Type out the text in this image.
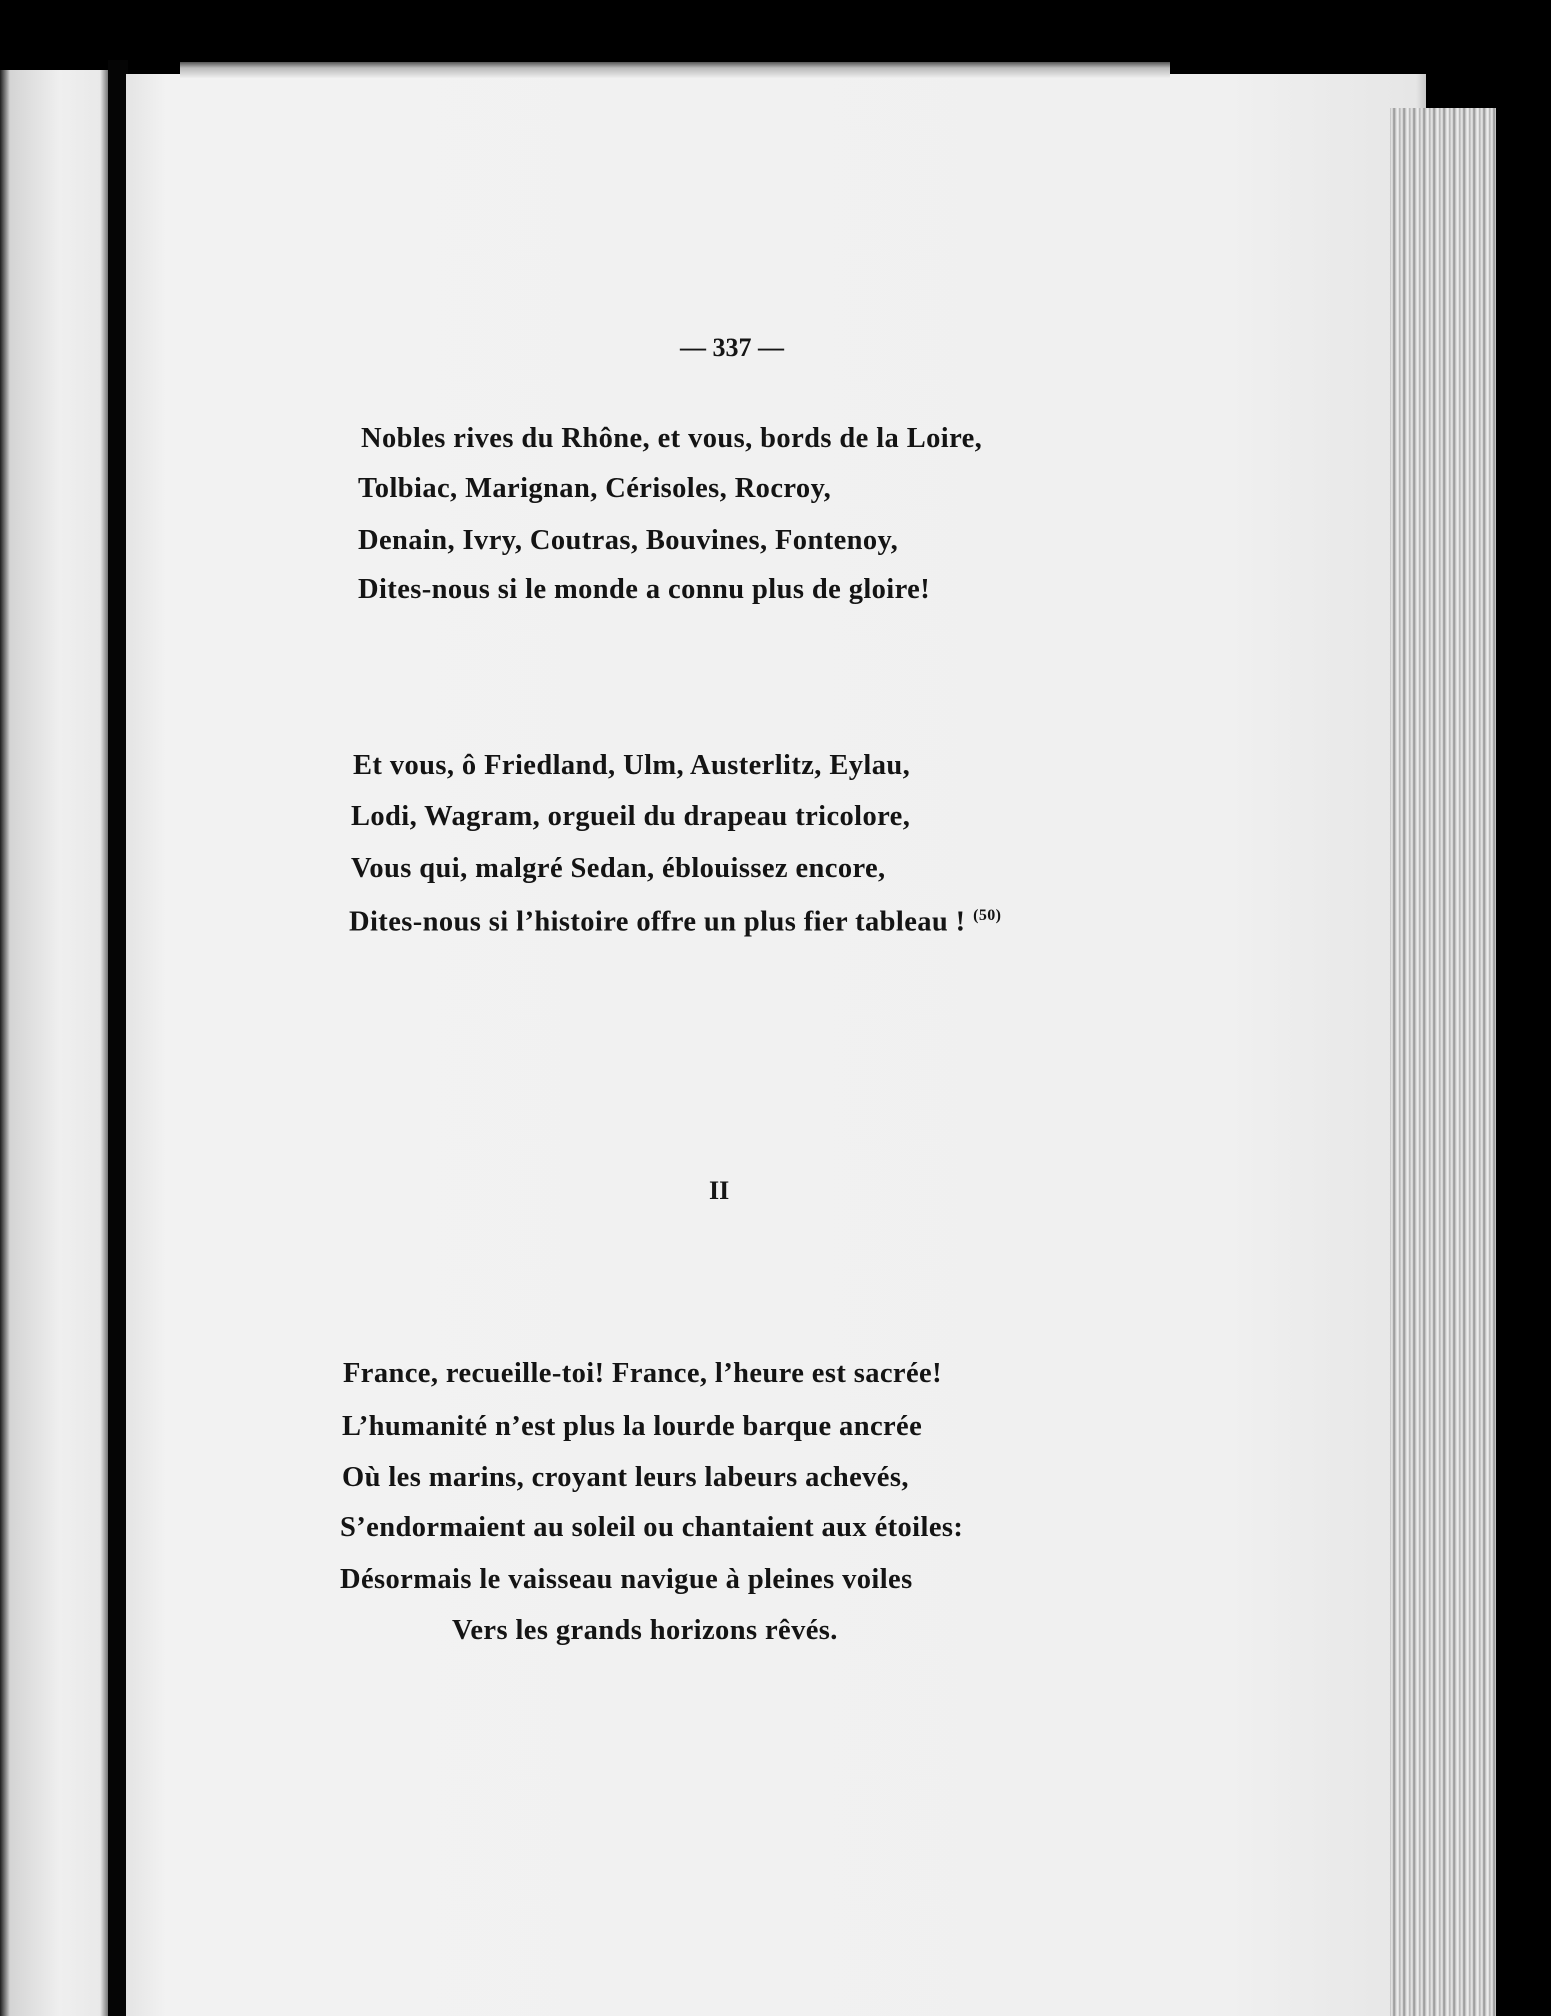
— 337 —
Nobles rives du Rhône, et vous, bords de la Loire,
Tolbiac, Marignan, Cérisoles, Rocroy,
Denain, Ivry, Coutras, Bouvines, Fontenoy,
Dites-nous si le monde a connu plus de gloire!
Et vous, ô Friedland, Ulm, Austerlitz, Eylau,
Lodi, Wagram, orgueil du drapeau tricolore,
Vous qui, malgré Sedan, éblouissez encore,
Dites-nous si l’histoire offre un plus fier tableau ! $^{(50)}$
II
France, recueille-toi! France, l’heure est sacrée!
L’humanité n’est plus la lourde barque ancrée
Où les marins, croyant leurs labeurs achevés,
S’endormaient au soleil ou chantaient aux étoiles:
Désormais le vaisseau navigue à pleines voiles
Vers les grands horizons rêvés.
